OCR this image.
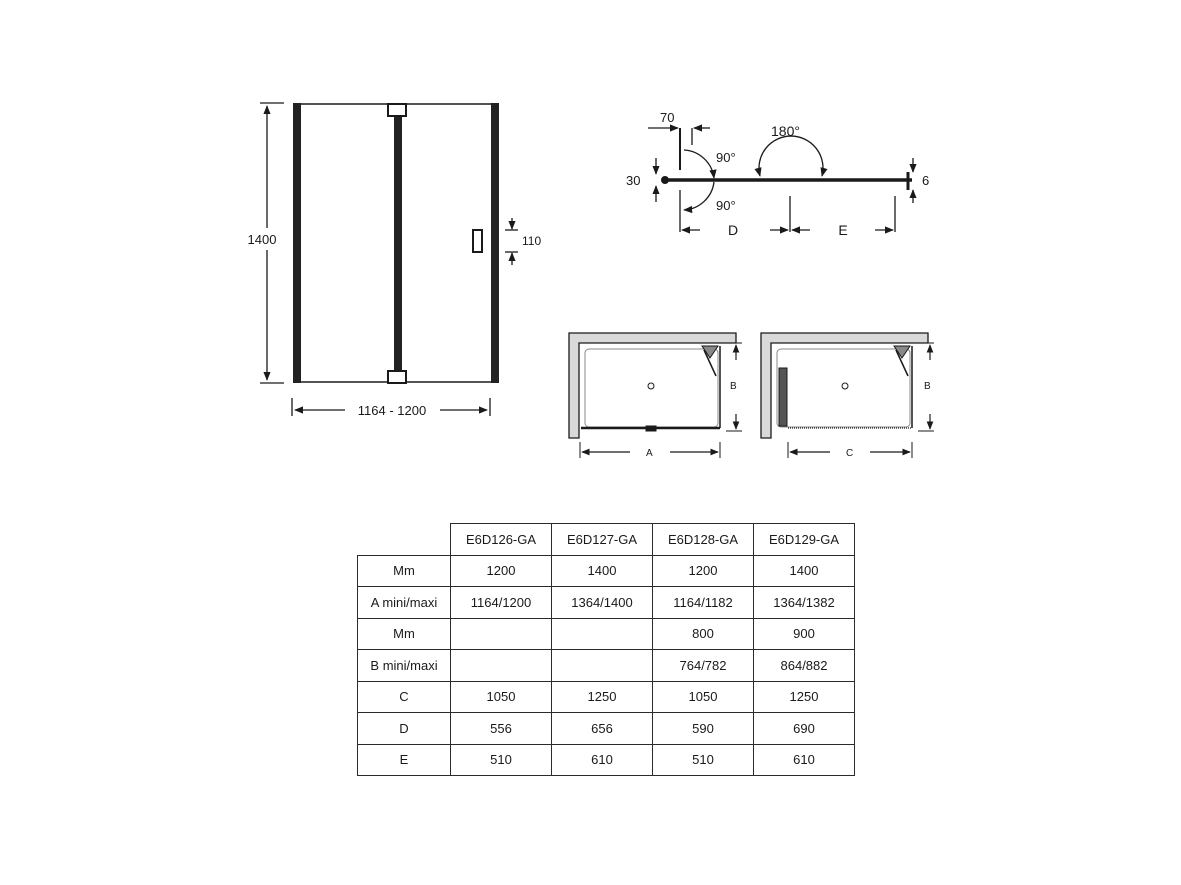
1400
1164 - 1200
110
70
30
90°
90°
180°
6
D	E
B
A
B
C
	E6D126-GA	E6D127-GA	E6D128-GA	E6D129-GA
Mm	1200	1400	1200	1400
A mini/maxi	1164/1200	1364/1400	1164/1182	1364/1382
Mm			800	900
B mini/maxi			764/782	864/882
C	1050	1250	1050	1250
D	556	656	590	690
E	510	610	510	610
